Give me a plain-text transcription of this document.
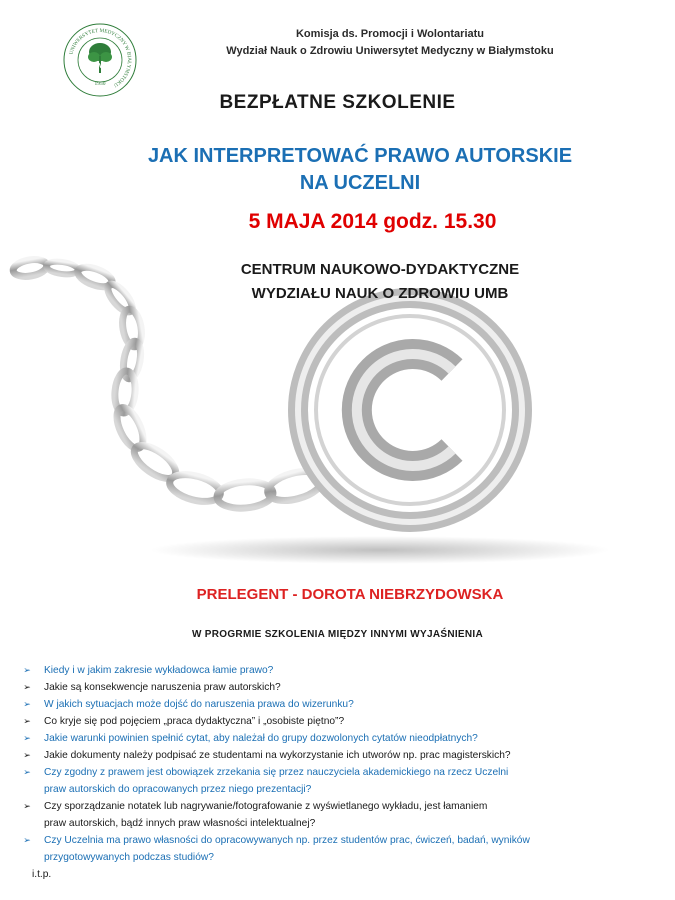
UNIWERSYTET MEDYCZNY W BIAŁYMSTOKU
1950
Komisja ds. Promocji i Wolontariatu
Wydział Nauk o Zdrowiu Uniwersytet Medyczny w Białymstoku
BEZPŁATNE SZKOLENIE
JAK INTERPRETOWAĆ PRAWO AUTORSKIE
NA UCZELNI
5 MAJA 2014 godz. 15.30
CENTRUM NAUKOWO-DYDAKTYCZNE
WYDZIAŁU NAUK O ZDROWIU UMB
PRELEGENT - DOROTA NIEBRZYDOWSKA
W PROGRMIE SZKOLENIA MIĘDZY INNYMI WYJAŚNIENIA
➢	Kiedy i w jakim zakresie wykładowca łamie prawo?
➢	Jakie są konsekwencje naruszenia praw autorskich?
➢	W jakich sytuacjach może dojść do naruszenia prawa do wizerunku?
➢	Co kryje się pod pojęciem „praca dydaktyczna” i „osobiste piętno”?
➢	Jakie warunki powinien spełnić cytat, aby należał do grupy dozwolonych cytatów nieodpłatnych?
➢	Jakie dokumenty należy podpisać ze studentami na wykorzystanie ich utworów np. prac magisterskich?
➢	Czy zgodny z prawem jest obowiązek zrzekania się przez nauczyciela akademickiego na rzecz Uczelni
praw autorskich do opracowanych przez niego prezentacji?
➢	Czy sporządzanie notatek lub nagrywanie/fotografowanie z wyświetlanego wykładu, jest łamaniem
praw autorskich, bądź innych praw własności intelektualnej?
➢	Czy Uczelnia ma prawo własności do opracowywanych np. przez studentów prac, ćwiczeń, badań, wyników
przygotowywanych podczas studiów?
i.t.p.
